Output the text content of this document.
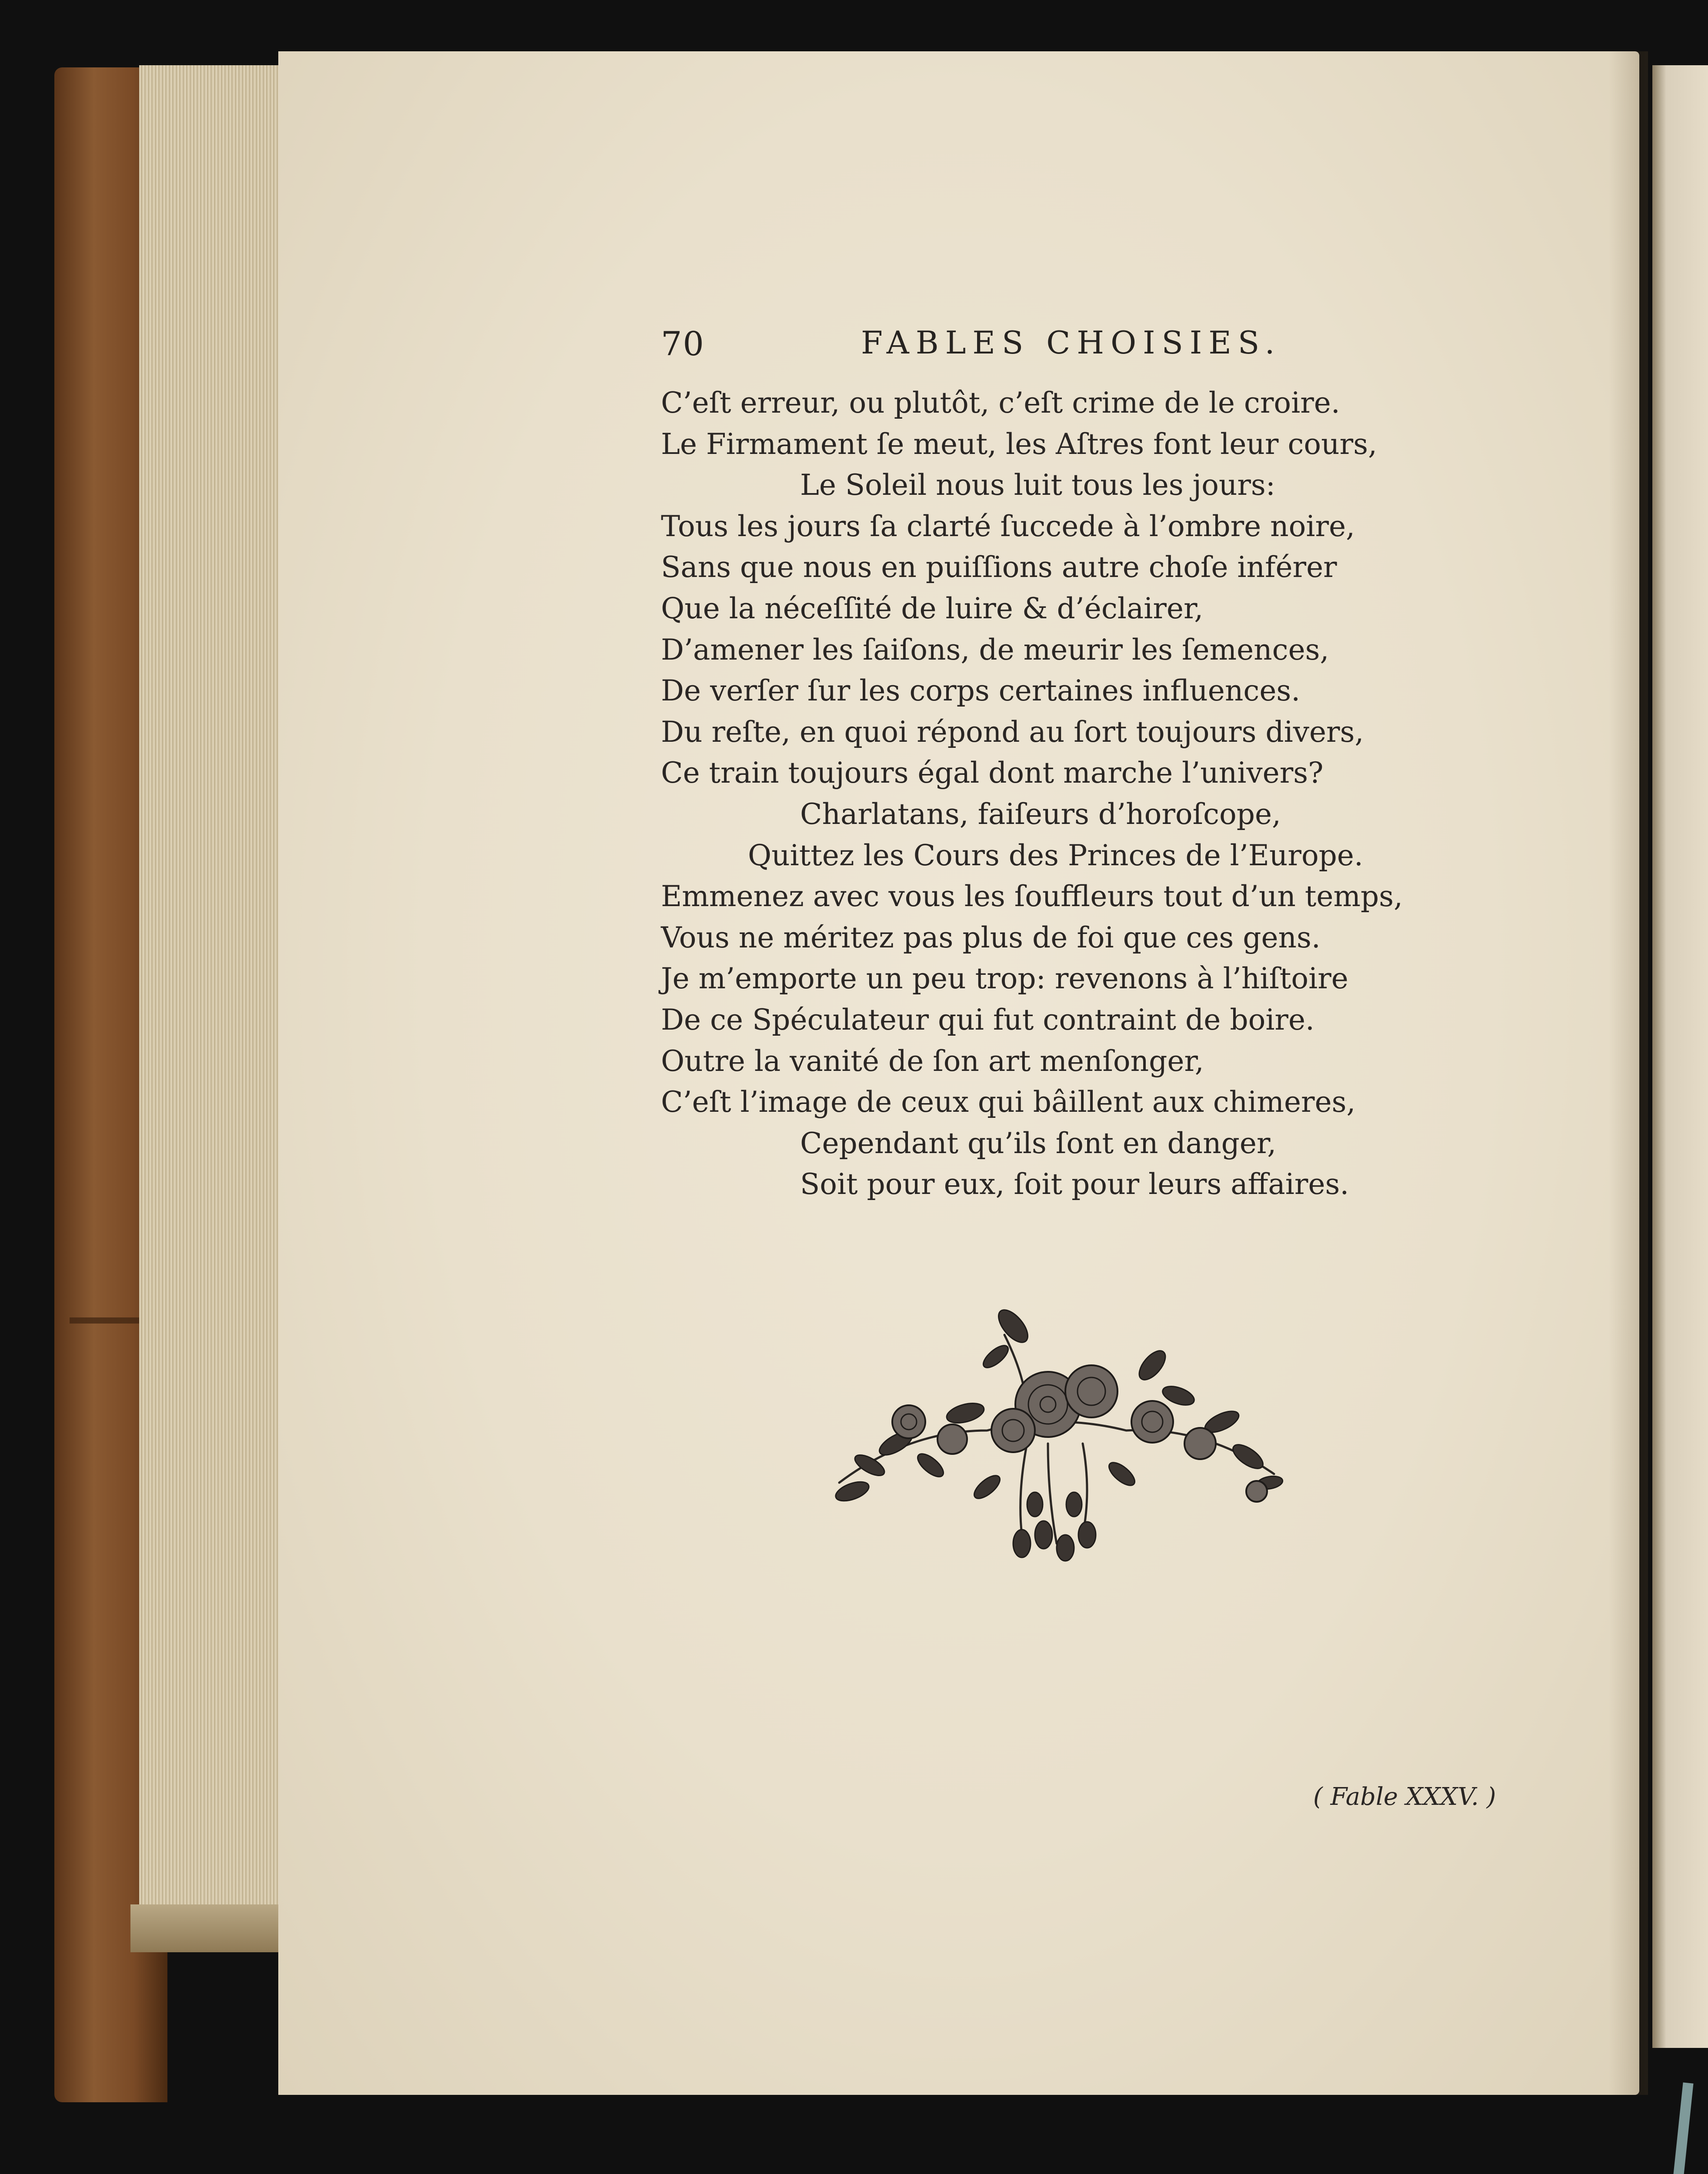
70	FABLES CHOISIES.
C’eſt erreur, ou plutôt, c’eſt crime de le croire.
Le Firmament ſe meut, les Aſtres font leur cours,
Le Soleil nous luit tous les jours:
Tous les jours ſa clarté ſuccede à l’ombre noire,
Sans que nous en puiſſions autre choſe inférer
Que la néceſſité de luire & d’éclairer,
D’amener les ſaiſons, de meurir les ſemences,
De verſer ſur les corps certaines influences.
Du reſte, en quoi répond au ſort toujours divers,
Ce train toujours égal dont marche l’univers?
Charlatans, faiſeurs d’horoſcope,
Quittez les Cours des Princes de l’Europe.
Emmenez avec vous les ſouffleurs tout d’un temps,
Vous ne méritez pas plus de foi que ces gens.
Je m’emporte un peu trop: revenons à l’hiſtoire
De ce Spéculateur qui fut contraint de boire.
Outre la vanité de ſon art menſonger,
C’eſt l’image de ceux qui bâillent aux chimeres,
Cependant qu’ils ſont en danger,
Soit pour eux, ſoit pour leurs affaires.
( Fable XXXV. )
